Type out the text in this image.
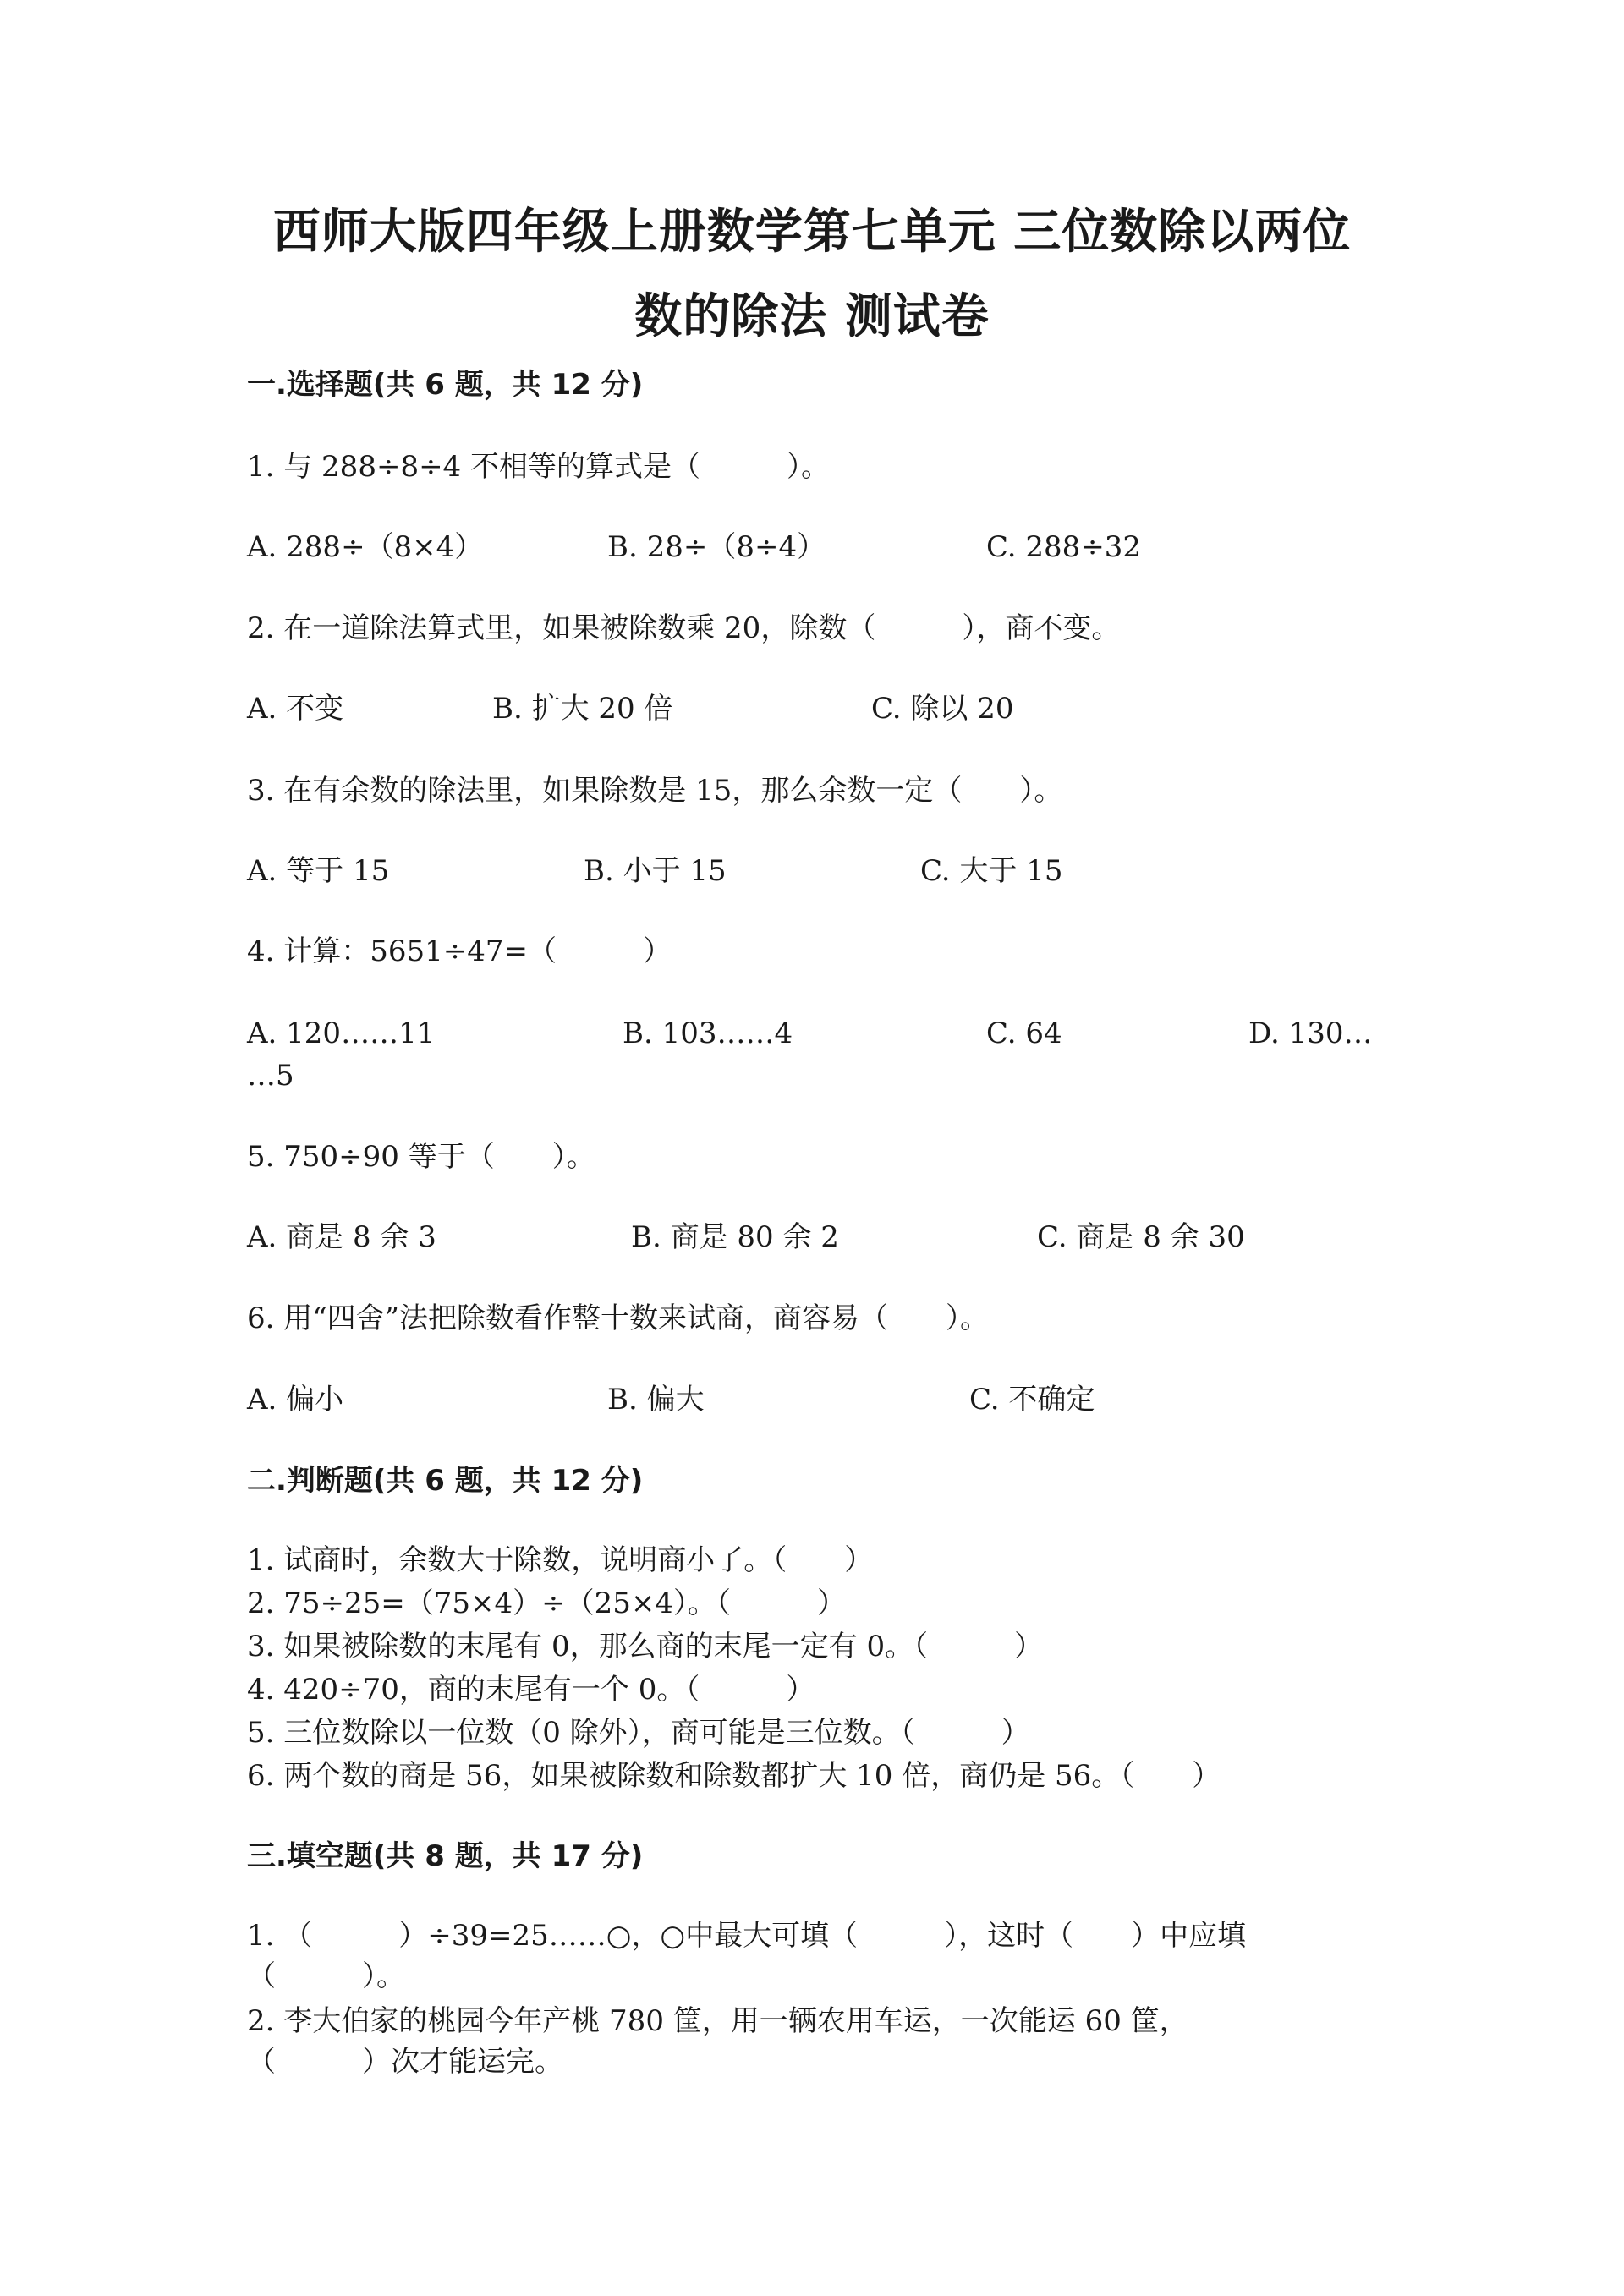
西师大版四年级上册数学第七单元 三位数除以两位
数的除法 测试卷
一.选择题(共 6 题，共 12 分)
1. 与 288÷8÷4 不相等的算式是（　　　）。
A. 288÷（8×4）	B. 28÷（8÷4）	C. 288÷32
2. 在一道除法算式里，如果被除数乘 20，除数（　　　），商不变。
A. 不变	B. 扩大 20 倍	C. 除以 20
3. 在有余数的除法里，如果除数是 15，那么余数一定（　　）。
A. 等于 15	B. 小于 15	C. 大于 15
4. 计算：5651÷47=（　　　）
A. 120……11	B. 103……4	C. 64	D. 130…
…5
5. 750÷90 等于（　　）。
A. 商是 8 余 3	B. 商是 80 余 2	C. 商是 8 余 30
6. 用“四舍”法把除数看作整十数来试商，商容易（　　）。
A. 偏小	B. 偏大	C. 不确定
二.判断题(共 6 题，共 12 分)
1. 试商时，余数大于除数，说明商小了。（　　）
2. 75÷25=（75×4）÷（25×4）。（　　　）
3. 如果被除数的末尾有 0，那么商的末尾一定有 0。（　　　）
4. 420÷70，商的末尾有一个 0。（　　　）
5. 三位数除以一位数（0 除外），商可能是三位数。（　　　）
6. 两个数的商是 56，如果被除数和除数都扩大 10 倍，商仍是 56。（　　）
三.填空题(共 8 题，共 17 分)
1. （　　　）÷39=25……○，○中最大可填（　　　），这时（　　）中应填
（　　　）。
2. 李大伯家的桃园今年产桃 780 筐，用一辆农用车运，一次能运 60 筐，
（　　　）次才能运完。
